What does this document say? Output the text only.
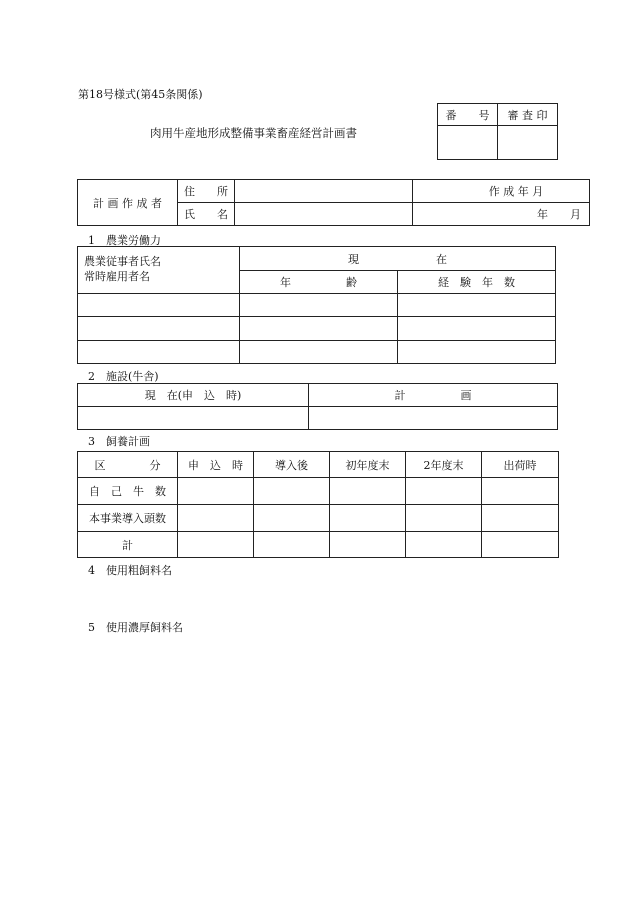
第18号様式(第45条関係)
肉用牛産地形成整備事業畜産経営計画書
番　　号	審 査 印

計 画 作 成 者	住　　所		作 成 年 月
	氏　　名		年　　月
1　農業労働力
農業従事者氏名
常時雇用者名	現　　　　　　　在	
	年　　　　　齢	経　験　年　数

2　施設(牛舎)
現　在(申　込　時)	計　　　　　画

3　飼養計画
区　　　　分	申　込　時	導入後	初年度末	2年度末	出荷時
自　己　牛　数					
本事業導入頭数					
計					
4　使用粗飼料名
5　使用濃厚飼料名
